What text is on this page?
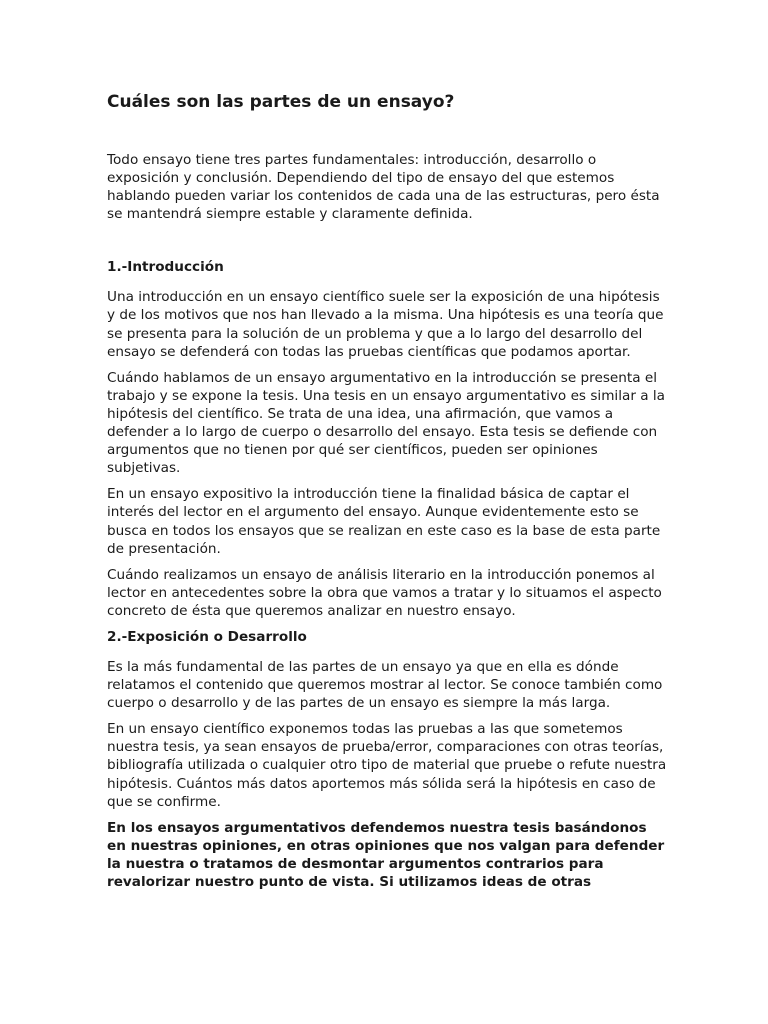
Cuáles son las partes de un ensayo?

Todo ensayo tiene tres partes fundamentales: introducción, desarrollo o exposición y conclusión. Dependiendo del tipo de ensayo del que estemos hablando pueden variar los contenidos de cada una de las estructuras, pero ésta se mantendrá siempre estable y claramente definida.

1.-Introducción

Una introducción en un ensayo científico suele ser la exposición de una hipótesis y de los motivos que nos han llevado a la misma. Una hipótesis es una teoría que se presenta para la solución de un problema y que a lo largo del desarrollo del ensayo se defenderá con todas las pruebas científicas que podamos aportar.

Cuándo hablamos de un ensayo argumentativo en la introducción se presenta el trabajo y se expone la tesis. Una tesis en un ensayo argumentativo es similar a la hipótesis del científico. Se trata de una idea, una afirmación, que vamos a defender a lo largo de cuerpo o desarrollo del ensayo. Esta tesis se defiende con argumentos que no tienen por qué ser científicos, pueden ser opiniones subjetivas.

En un ensayo expositivo la introducción tiene la finalidad básica de captar el interés del lector en el argumento del ensayo. Aunque evidentemente esto se busca en todos los ensayos que se realizan en este caso es la base de esta parte de presentación.

Cuándo realizamos un ensayo de análisis literario en la introducción ponemos al lector en antecedentes sobre la obra que vamos a tratar y lo situamos el aspecto concreto de ésta que queremos analizar en nuestro ensayo.

2.-Exposición o Desarrollo

Es la más fundamental de las partes de un ensayo ya que en ella es dónde relatamos el contenido que queremos mostrar al lector. Se conoce también como cuerpo o desarrollo y de las partes de un ensayo es siempre la más larga.

En un ensayo científico exponemos todas las pruebas a las que sometemos nuestra tesis, ya sean ensayos de prueba/error, comparaciones con otras teorías, bibliografía utilizada o cualquier otro tipo de material que pruebe o refute nuestra hipótesis. Cuántos más datos aportemos más sólida será la hipótesis en caso de que se confirme.

En los ensayos argumentativos defendemos nuestra tesis basándonos en nuestras opiniones, en otras opiniones que nos valgan para defender la nuestra o tratamos de desmontar argumentos contrarios para revalorizar nuestro punto de vista. Si utilizamos ideas de otras
